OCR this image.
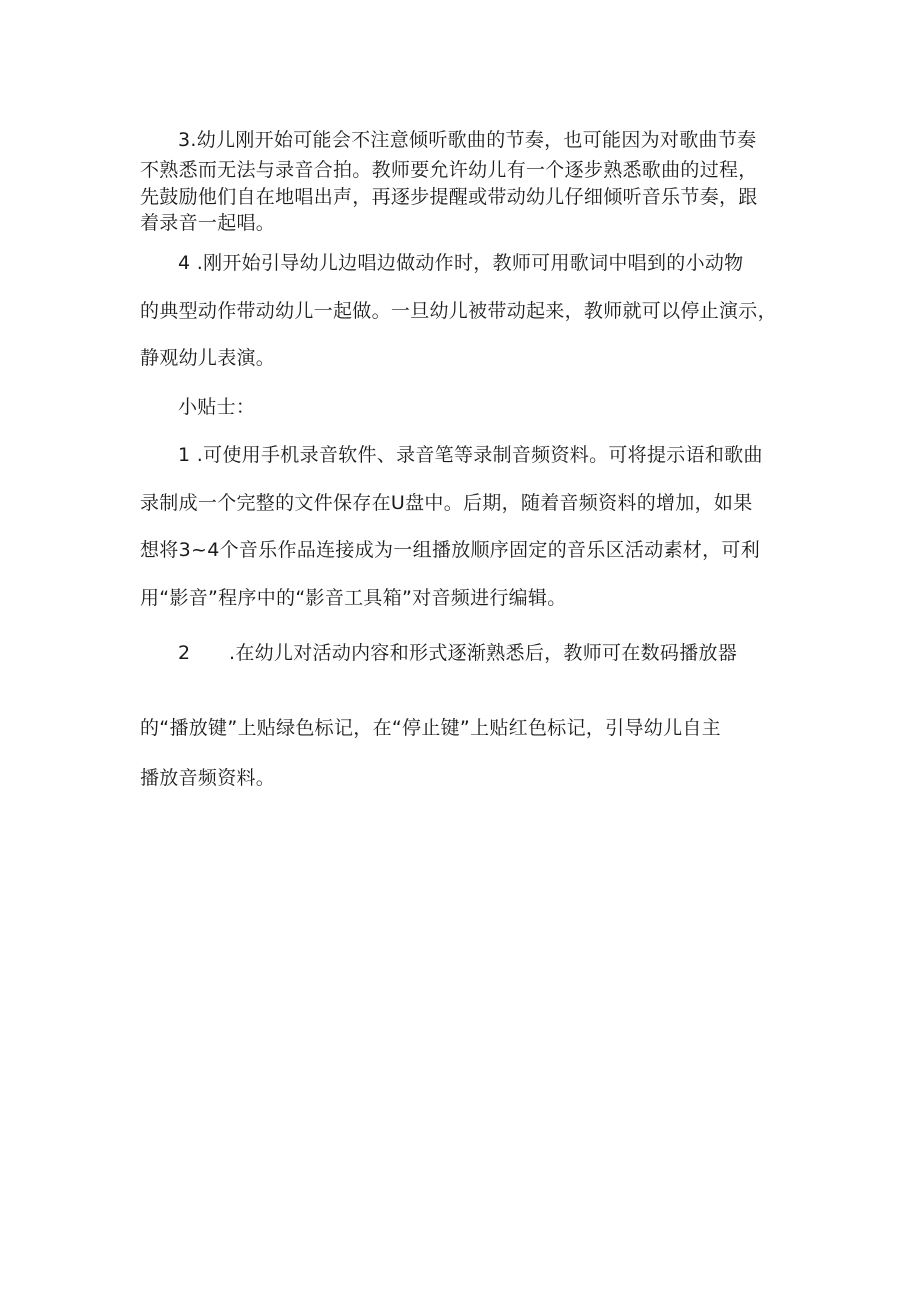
3.幼儿刚开始可能会不注意倾听歌曲的节奏，也可能因为对歌曲节奏

不熟悉而无法与录音合拍。教师要允许幼儿有一个逐步熟悉歌曲的过程，

先鼓励他们自在地唱出声，再逐步提醒或带动幼儿仔细倾听音乐节奏，跟

着录音一起唱。

4 .刚开始引导幼儿边唱边做动作时，教师可用歌词中唱到的小动物

的典型动作带动幼儿一起做。一旦幼儿被带动起来，教师就可以停止演示，

静观幼儿表演。

小贴士：

1 .可使用手机录音软件、录音笔等录制音频资料。可将提示语和歌曲

录制成一个完整的文件保存在U盘中。后期，随着音频资料的增加，如果

想将3~4个音乐作品连接成为一组播放顺序固定的音乐区活动素材，可利

用“影音”程序中的“影音工具箱”对音频进行编辑。

2　　.在幼儿对活动内容和形式逐渐熟悉后，教师可在数码播放器

的“播放键”上贴绿色标记，在“停止键”上贴红色标记，引导幼儿自主

播放音频资料。
